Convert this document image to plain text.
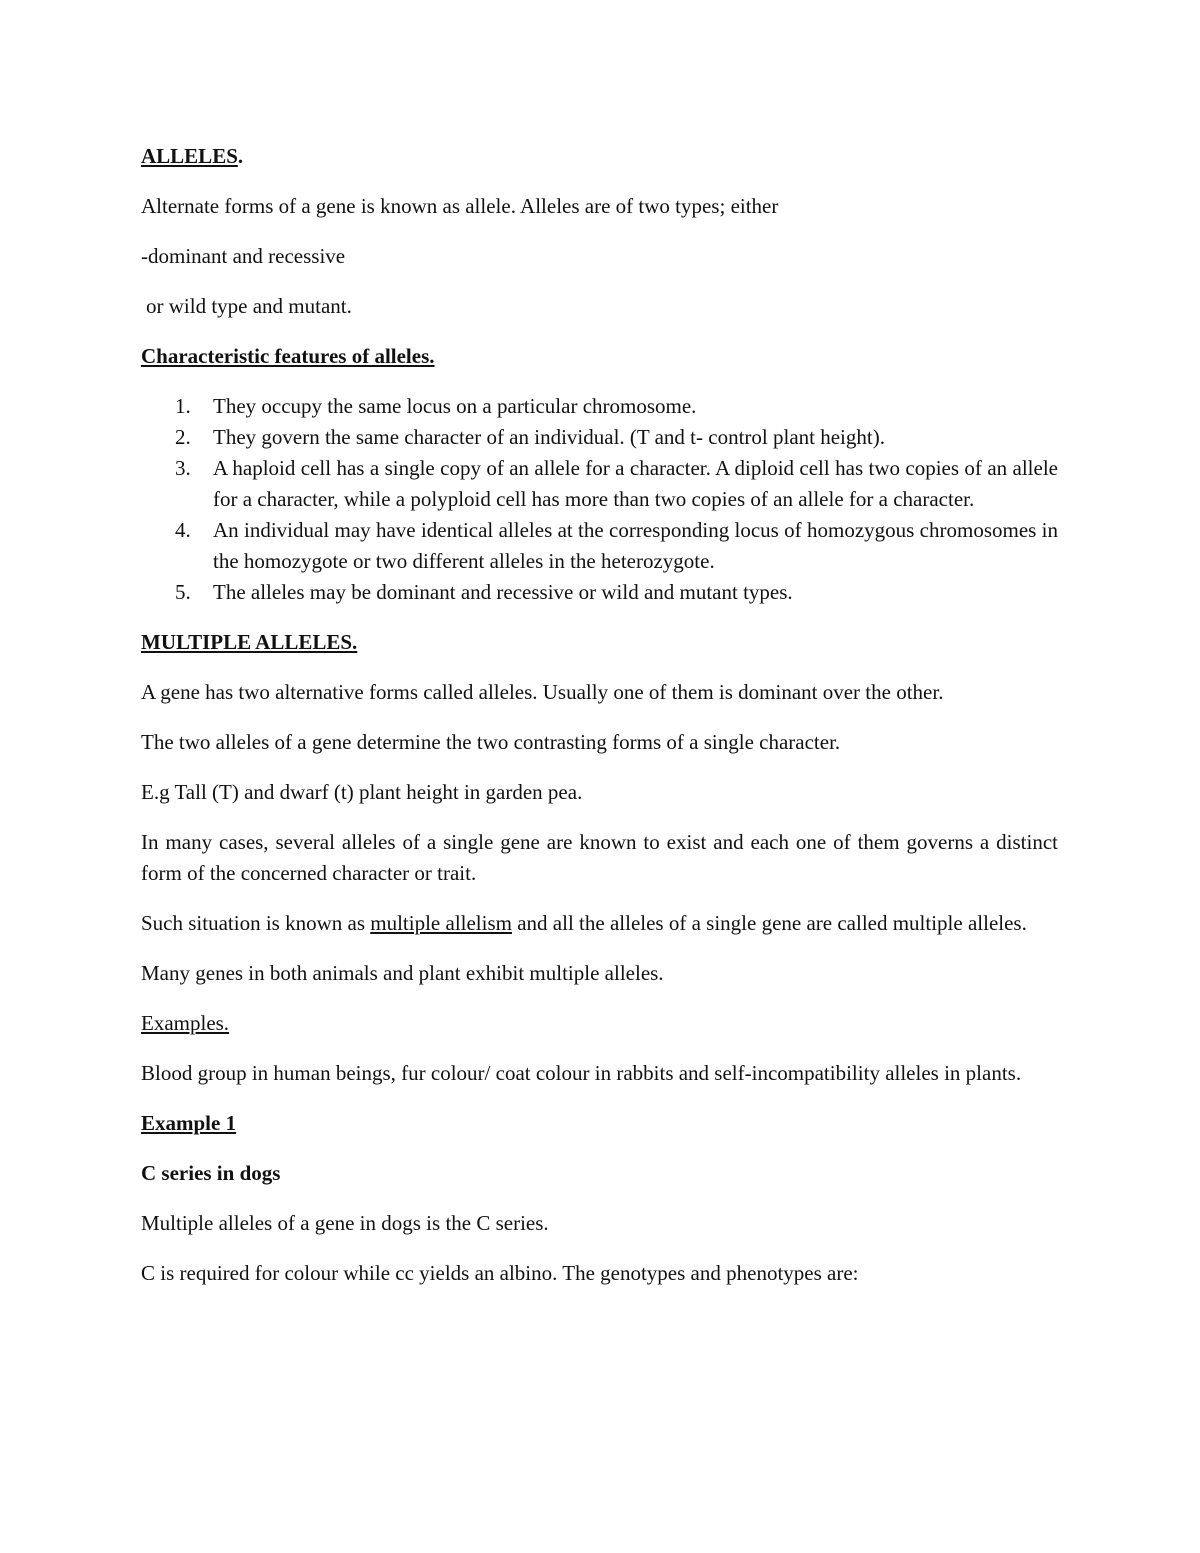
ALLELES.

Alternate forms of a gene is known as allele. Alleles are of two types; either

-dominant and recessive

or wild type and mutant.

Characteristic features of alleles.

1. They occupy the same locus on a particular chromosome.
2. They govern the same character of an individual. (T and t- control plant height).
3. A haploid cell has a single copy of an allele for a character. A diploid cell has two copies of an allele for a character, while a polyploid cell has more than two copies of an allele for a character.
4. An individual may have identical alleles at the corresponding locus of homozygous chromosomes in the homozygote or two different alleles in the heterozygote.
5. The alleles may be dominant and recessive or wild and mutant types.

MULTIPLE ALLELES.

A gene has two alternative forms called alleles. Usually one of them is dominant over the other.

The two alleles of a gene determine the two contrasting forms of a single character.

E.g Tall (T) and dwarf (t) plant height in garden pea.

In many cases, several alleles of a single gene are known to exist and each one of them governs a distinct form of the concerned character or trait.

Such situation is known as multiple allelism and all the alleles of a single gene are called multiple alleles.

Many genes in both animals and plant exhibit multiple alleles.

Examples.

Blood group in human beings, fur colour/ coat colour in rabbits and self-incompatibility alleles in plants.

Example 1

C series in dogs

Multiple alleles of a gene in dogs is the C series.

C is required for colour while cc yields an albino. The genotypes and phenotypes are:
